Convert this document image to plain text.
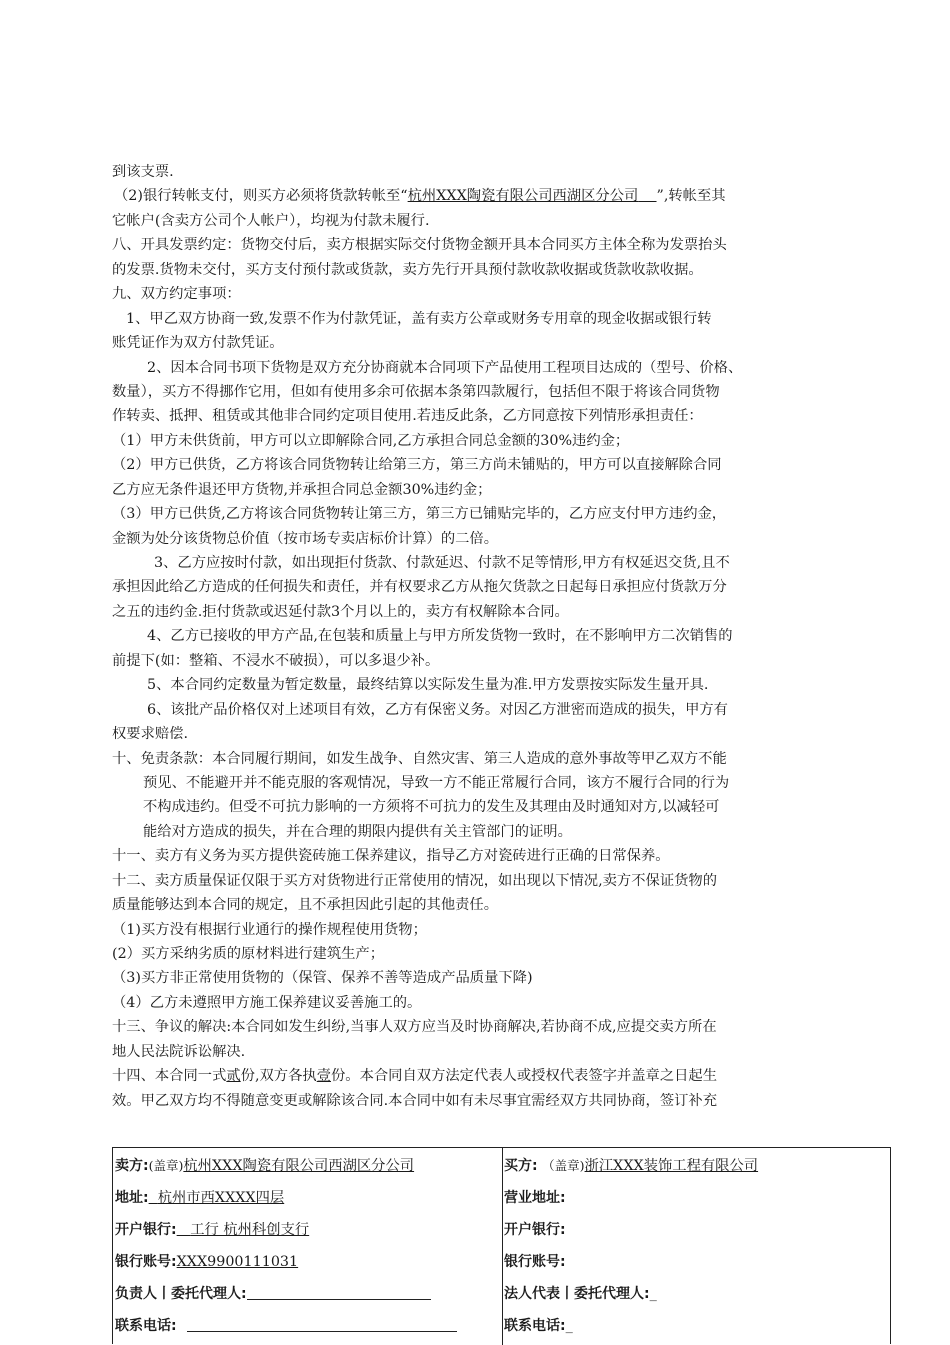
到该支票.
（2)银行转帐支付，则买方必须将货款转帐至“杭州XXX陶瓷有限公司西湖区分公司 ”,转帐至其
它帐户(含卖方公司个人帐户），均视为付款未履行.
八、开具发票约定：货物交付后，卖方根据实际交付货物金额开具本合同买方主体全称为发票抬头
的发票.货物未交付，买方支付预付款或货款，卖方先行开具预付款收款收据或货款收款收据。
九、双方约定事项：
1、甲乙双方协商一致,发票不作为付款凭证，盖有卖方公章或财务专用章的现金收据或银行转
账凭证作为双方付款凭证。
2、因本合同书项下货物是双方充分协商就本合同项下产品使用工程项目达成的（型号、价格、
数量），买方不得挪作它用，但如有使用多余可依据本条第四款履行，包括但不限于将该合同货物
作转卖、抵押、租赁或其他非合同约定项目使用.若违反此条，乙方同意按下列情形承担责任：
（1）甲方未供货前，甲方可以立即解除合同,乙方承担合同总金额的30%违约金；
（2）甲方已供货，乙方将该合同货物转让给第三方，第三方尚未铺贴的，甲方可以直接解除合同
乙方应无条件退还甲方货物,并承担合同总金额30%违约金；
（3）甲方已供货,乙方将该合同货物转让第三方，第三方已铺贴完毕的，乙方应支付甲方违约金，
金额为处分该货物总价值（按市场专卖店标价计算）的二倍。
3、乙方应按时付款，如出现拒付货款、付款延迟、付款不足等情形,甲方有权延迟交货,且不
承担因此给乙方造成的任何损失和责任，并有权要求乙方从拖欠货款之日起每日承担应付货款万分
之五的违约金.拒付货款或迟延付款3个月以上的，卖方有权解除本合同。
4、乙方已接收的甲方产品,在包装和质量上与甲方所发货物一致时，在不影响甲方二次销售的
前提下(如：整箱、不浸水不破损），可以多退少补。
5、本合同约定数量为暂定数量，最终结算以实际发生量为准.甲方发票按实际发生量开具.
6、该批产品价格仅对上述项目有效，乙方有保密义务。对因乙方泄密而造成的损失，甲方有
权要求赔偿.
十、免责条款：本合同履行期间，如发生战争、自然灾害、第三人造成的意外事故等甲乙双方不能
预见、不能避开并不能克服的客观情况，导致一方不能正常履行合同，该方不履行合同的行为
不构成违约。但受不可抗力影响的一方须将不可抗力的发生及其理由及时通知对方,以减轻可
能给对方造成的损失，并在合理的期限内提供有关主管部门的证明。
十一、卖方有义务为买方提供瓷砖施工保养建议，指导乙方对瓷砖进行正确的日常保养。
十二、卖方质量保证仅限于买方对货物进行正常使用的情况，如出现以下情况,卖方不保证货物的
质量能够达到本合同的规定，且不承担因此引起的其他责任。
（1)买方没有根据行业通行的操作规程使用货物；
(2）买方采纳劣质的原材料进行建筑生产；
（3)买方非正常使用货物的（保管、保养不善等造成产品质量下降)
（4）乙方未遵照甲方施工保养建议妥善施工的。
十三、争议的解决:本合同如发生纠纷,当事人双方应当及时协商解决,若协商不成,应提交卖方所在
地人民法院诉讼解决.
十四、本合同一式贰份,双方各执壹份。本合同自双方法定代表人或授权代表签字并盖章之日起生
效。甲乙双方均不得随意变更或解除该合同.本合同中如有未尽事宜需经双方共同协商，签订补充
卖方:(盖章)杭州XXX陶瓷有限公司西湖区分公司
地址: 杭州市西XXXX四层
开户银行: 工行 杭州科创支行
银行账号:XXX9900111031
负责人丨委托代理人:
联系电话:
买方: （盖章)浙江XXX装饰工程有限公司
营业地址:
开户银行:
银行账号:
法人代表丨委托代理人:_
联系电话:_
